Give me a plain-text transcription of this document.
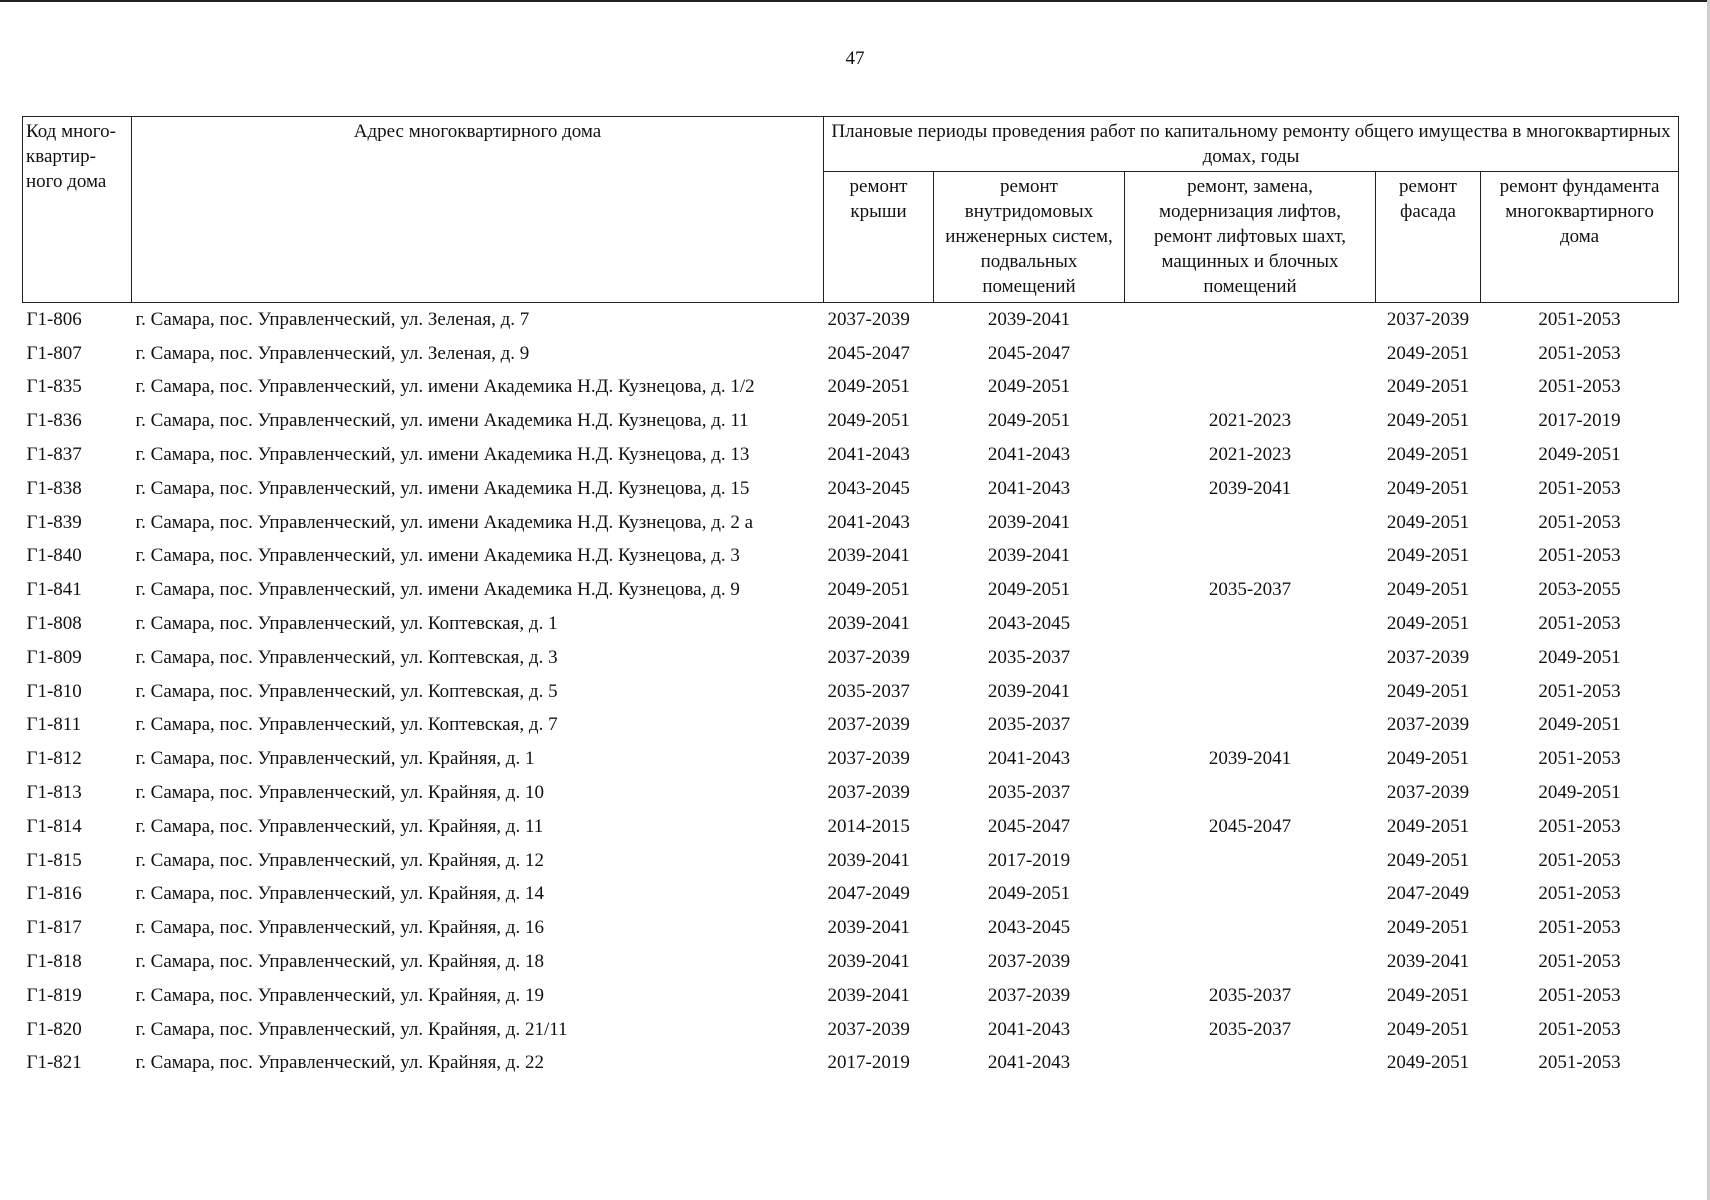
47
Код много-квартир-ного дома	Адрес многоквартирного дома	Плановые периоды проведения работ по капитальному ремонту общего имущества в многоквартирных домах, годы				
		ремонт крыши	ремонт внутридомовых инженерных систем, подвальных помещений	ремонт, замена, модернизация лифтов, ремонт лифтовых шахт, мащинных и блочных помещений	ремонт фасада	ремонт фундамента многоквартирного дома
Г1-806	г. Самара, пос. Управленческий, ул. Зеленая, д. 7	2037-2039	2039-2041		2037-2039	2051-2053
Г1-807	г. Самара, пос. Управленческий, ул. Зеленая, д. 9	2045-2047	2045-2047		2049-2051	2051-2053
Г1-835	г. Самара, пос. Управленческий, ул. имени Академика Н.Д. Кузнецова, д. 1/2	2049-2051	2049-2051		2049-2051	2051-2053
Г1-836	г. Самара, пос. Управленческий, ул. имени Академика Н.Д. Кузнецова, д. 11	2049-2051	2049-2051	2021-2023	2049-2051	2017-2019
Г1-837	г. Самара, пос. Управленческий, ул. имени Академика Н.Д. Кузнецова, д. 13	2041-2043	2041-2043	2021-2023	2049-2051	2049-2051
Г1-838	г. Самара, пос. Управленческий, ул. имени Академика Н.Д. Кузнецова, д. 15	2043-2045	2041-2043	2039-2041	2049-2051	2051-2053
Г1-839	г. Самара, пос. Управленческий, ул. имени Академика Н.Д. Кузнецова, д. 2 а	2041-2043	2039-2041		2049-2051	2051-2053
Г1-840	г. Самара, пос. Управленческий, ул. имени Академика Н.Д. Кузнецова, д. 3	2039-2041	2039-2041		2049-2051	2051-2053
Г1-841	г. Самара, пос. Управленческий, ул. имени Академика Н.Д. Кузнецова, д. 9	2049-2051	2049-2051	2035-2037	2049-2051	2053-2055
Г1-808	г. Самара, пос. Управленческий, ул. Коптевская, д. 1	2039-2041	2043-2045		2049-2051	2051-2053
Г1-809	г. Самара, пос. Управленческий, ул. Коптевская, д. 3	2037-2039	2035-2037		2037-2039	2049-2051
Г1-810	г. Самара, пос. Управленческий, ул. Коптевская, д. 5	2035-2037	2039-2041		2049-2051	2051-2053
Г1-811	г. Самара, пос. Управленческий, ул. Коптевская, д. 7	2037-2039	2035-2037		2037-2039	2049-2051
Г1-812	г. Самара, пос. Управленческий, ул. Крайняя, д. 1	2037-2039	2041-2043	2039-2041	2049-2051	2051-2053
Г1-813	г. Самара, пос. Управленческий, ул. Крайняя, д. 10	2037-2039	2035-2037		2037-2039	2049-2051
Г1-814	г. Самара, пос. Управленческий, ул. Крайняя, д. 11	2014-2015	2045-2047	2045-2047	2049-2051	2051-2053
Г1-815	г. Самара, пос. Управленческий, ул. Крайняя, д. 12	2039-2041	2017-2019		2049-2051	2051-2053
Г1-816	г. Самара, пос. Управленческий, ул. Крайняя, д. 14	2047-2049	2049-2051		2047-2049	2051-2053
Г1-817	г. Самара, пос. Управленческий, ул. Крайняя, д. 16	2039-2041	2043-2045		2049-2051	2051-2053
Г1-818	г. Самара, пос. Управленческий, ул. Крайняя, д. 18	2039-2041	2037-2039		2039-2041	2051-2053
Г1-819	г. Самара, пос. Управленческий, ул. Крайняя, д. 19	2039-2041	2037-2039	2035-2037	2049-2051	2051-2053
Г1-820	г. Самара, пос. Управленческий, ул. Крайняя, д. 21/11	2037-2039	2041-2043	2035-2037	2049-2051	2051-2053
Г1-821	г. Самара, пос. Управленческий, ул. Крайняя, д. 22	2017-2019	2041-2043		2049-2051	2051-2053
